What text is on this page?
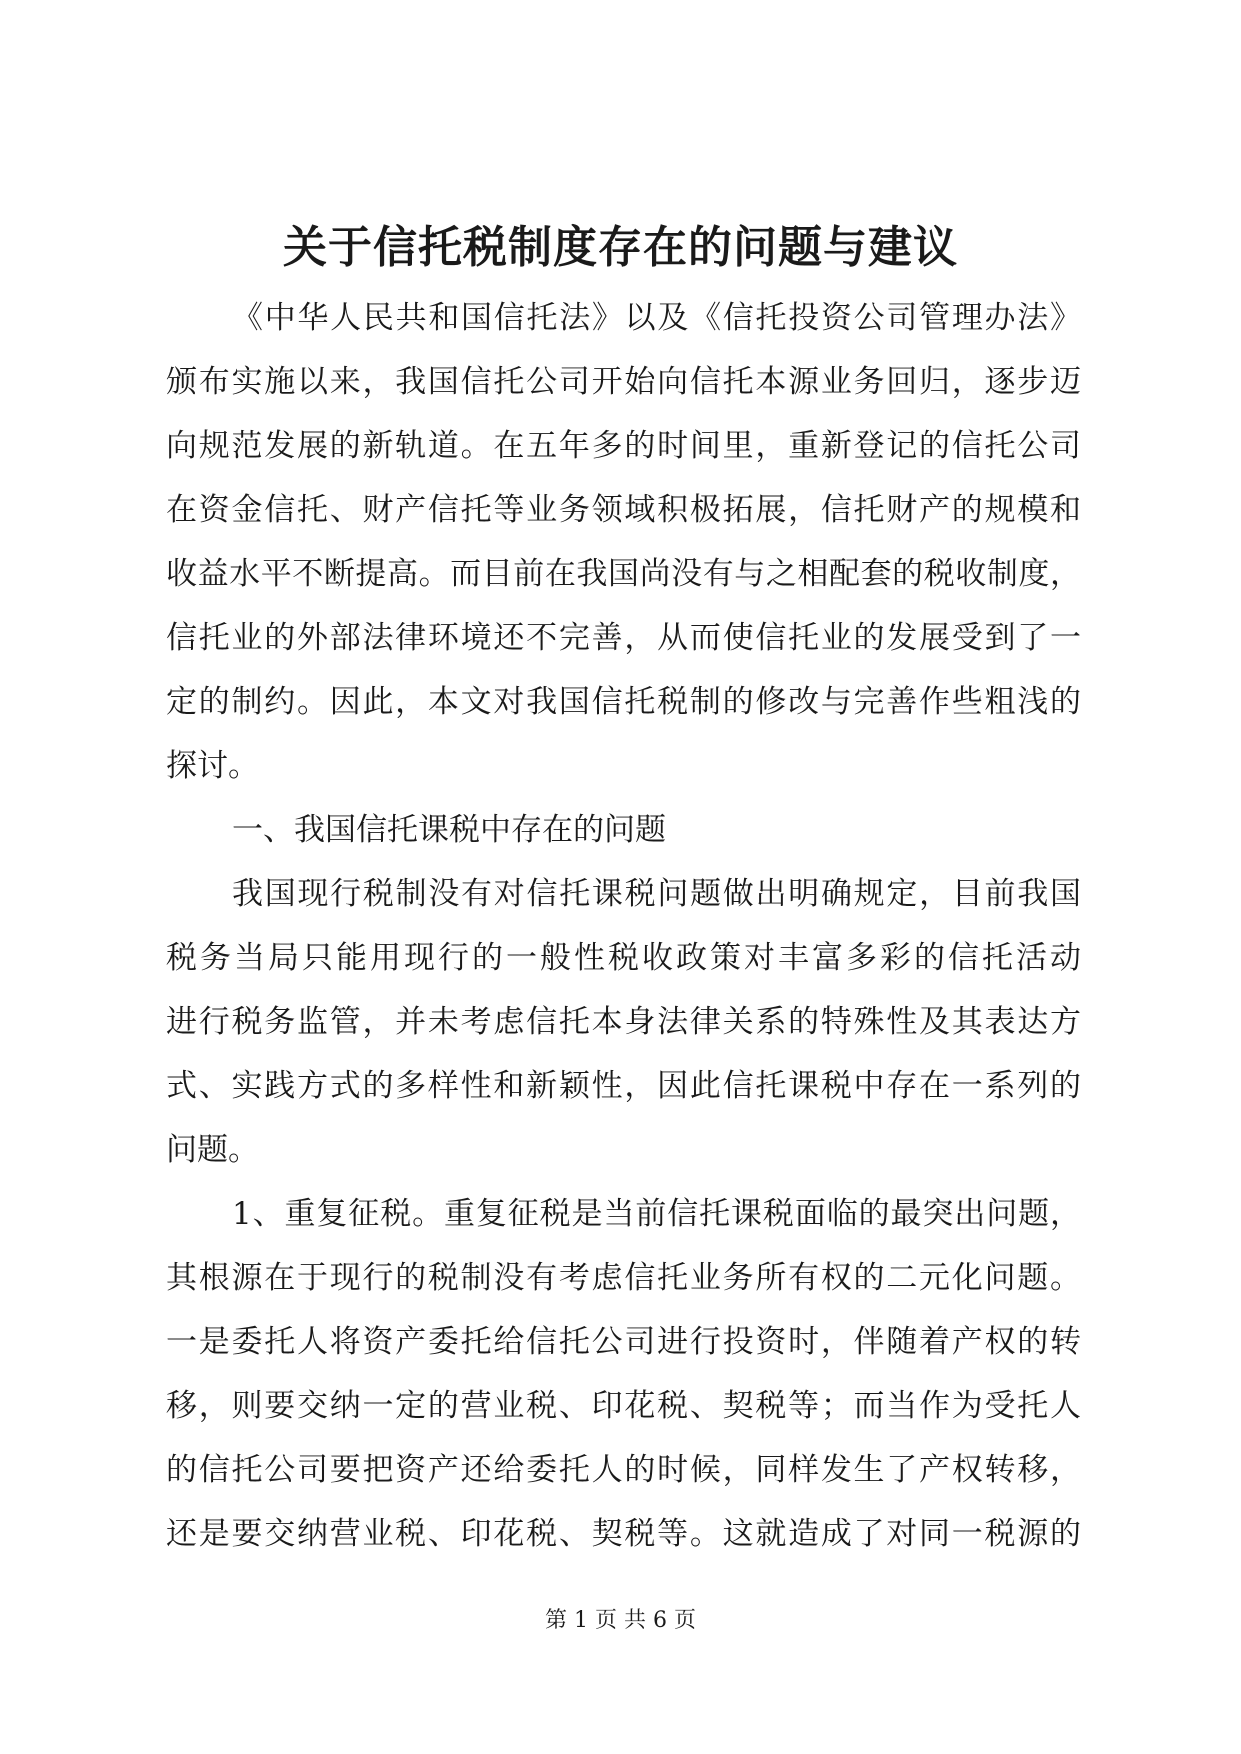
关于信托税制度存在的问题与建议
《中华人民共和国信托法》以及《信托投资公司管理办法》
颁布实施以来，我国信托公司开始向信托本源业务回归，逐步迈
向规范发展的新轨道。在五年多的时间里，重新登记的信托公司
在资金信托、财产信托等业务领域积极拓展，信托财产的规模和
收益水平不断提高。而目前在我国尚没有与之相配套的税收制度，
信托业的外部法律环境还不完善，从而使信托业的发展受到了一
定的制约。因此，本文对我国信托税制的修改与完善作些粗浅的
探讨。
一、我国信托课税中存在的问题
我国现行税制没有对信托课税问题做出明确规定，目前我国
税务当局只能用现行的一般性税收政策对丰富多彩的信托活动
进行税务监管，并未考虑信托本身法律关系的特殊性及其表达方
式、实践方式的多样性和新颖性，因此信托课税中存在一系列的
问题。
1、重复征税。重复征税是当前信托课税面临的最突出问题，
其根源在于现行的税制没有考虑信托业务所有权的二元化问题。
一是委托人将资产委托给信托公司进行投资时，伴随着产权的转
移，则要交纳一定的营业税、印花税、契税等；而当作为受托人
的信托公司要把资产还给委托人的时候，同样发生了产权转移，
还是要交纳营业税、印花税、契税等。这就造成了对同一税源的
第 1 页 共 6 页
